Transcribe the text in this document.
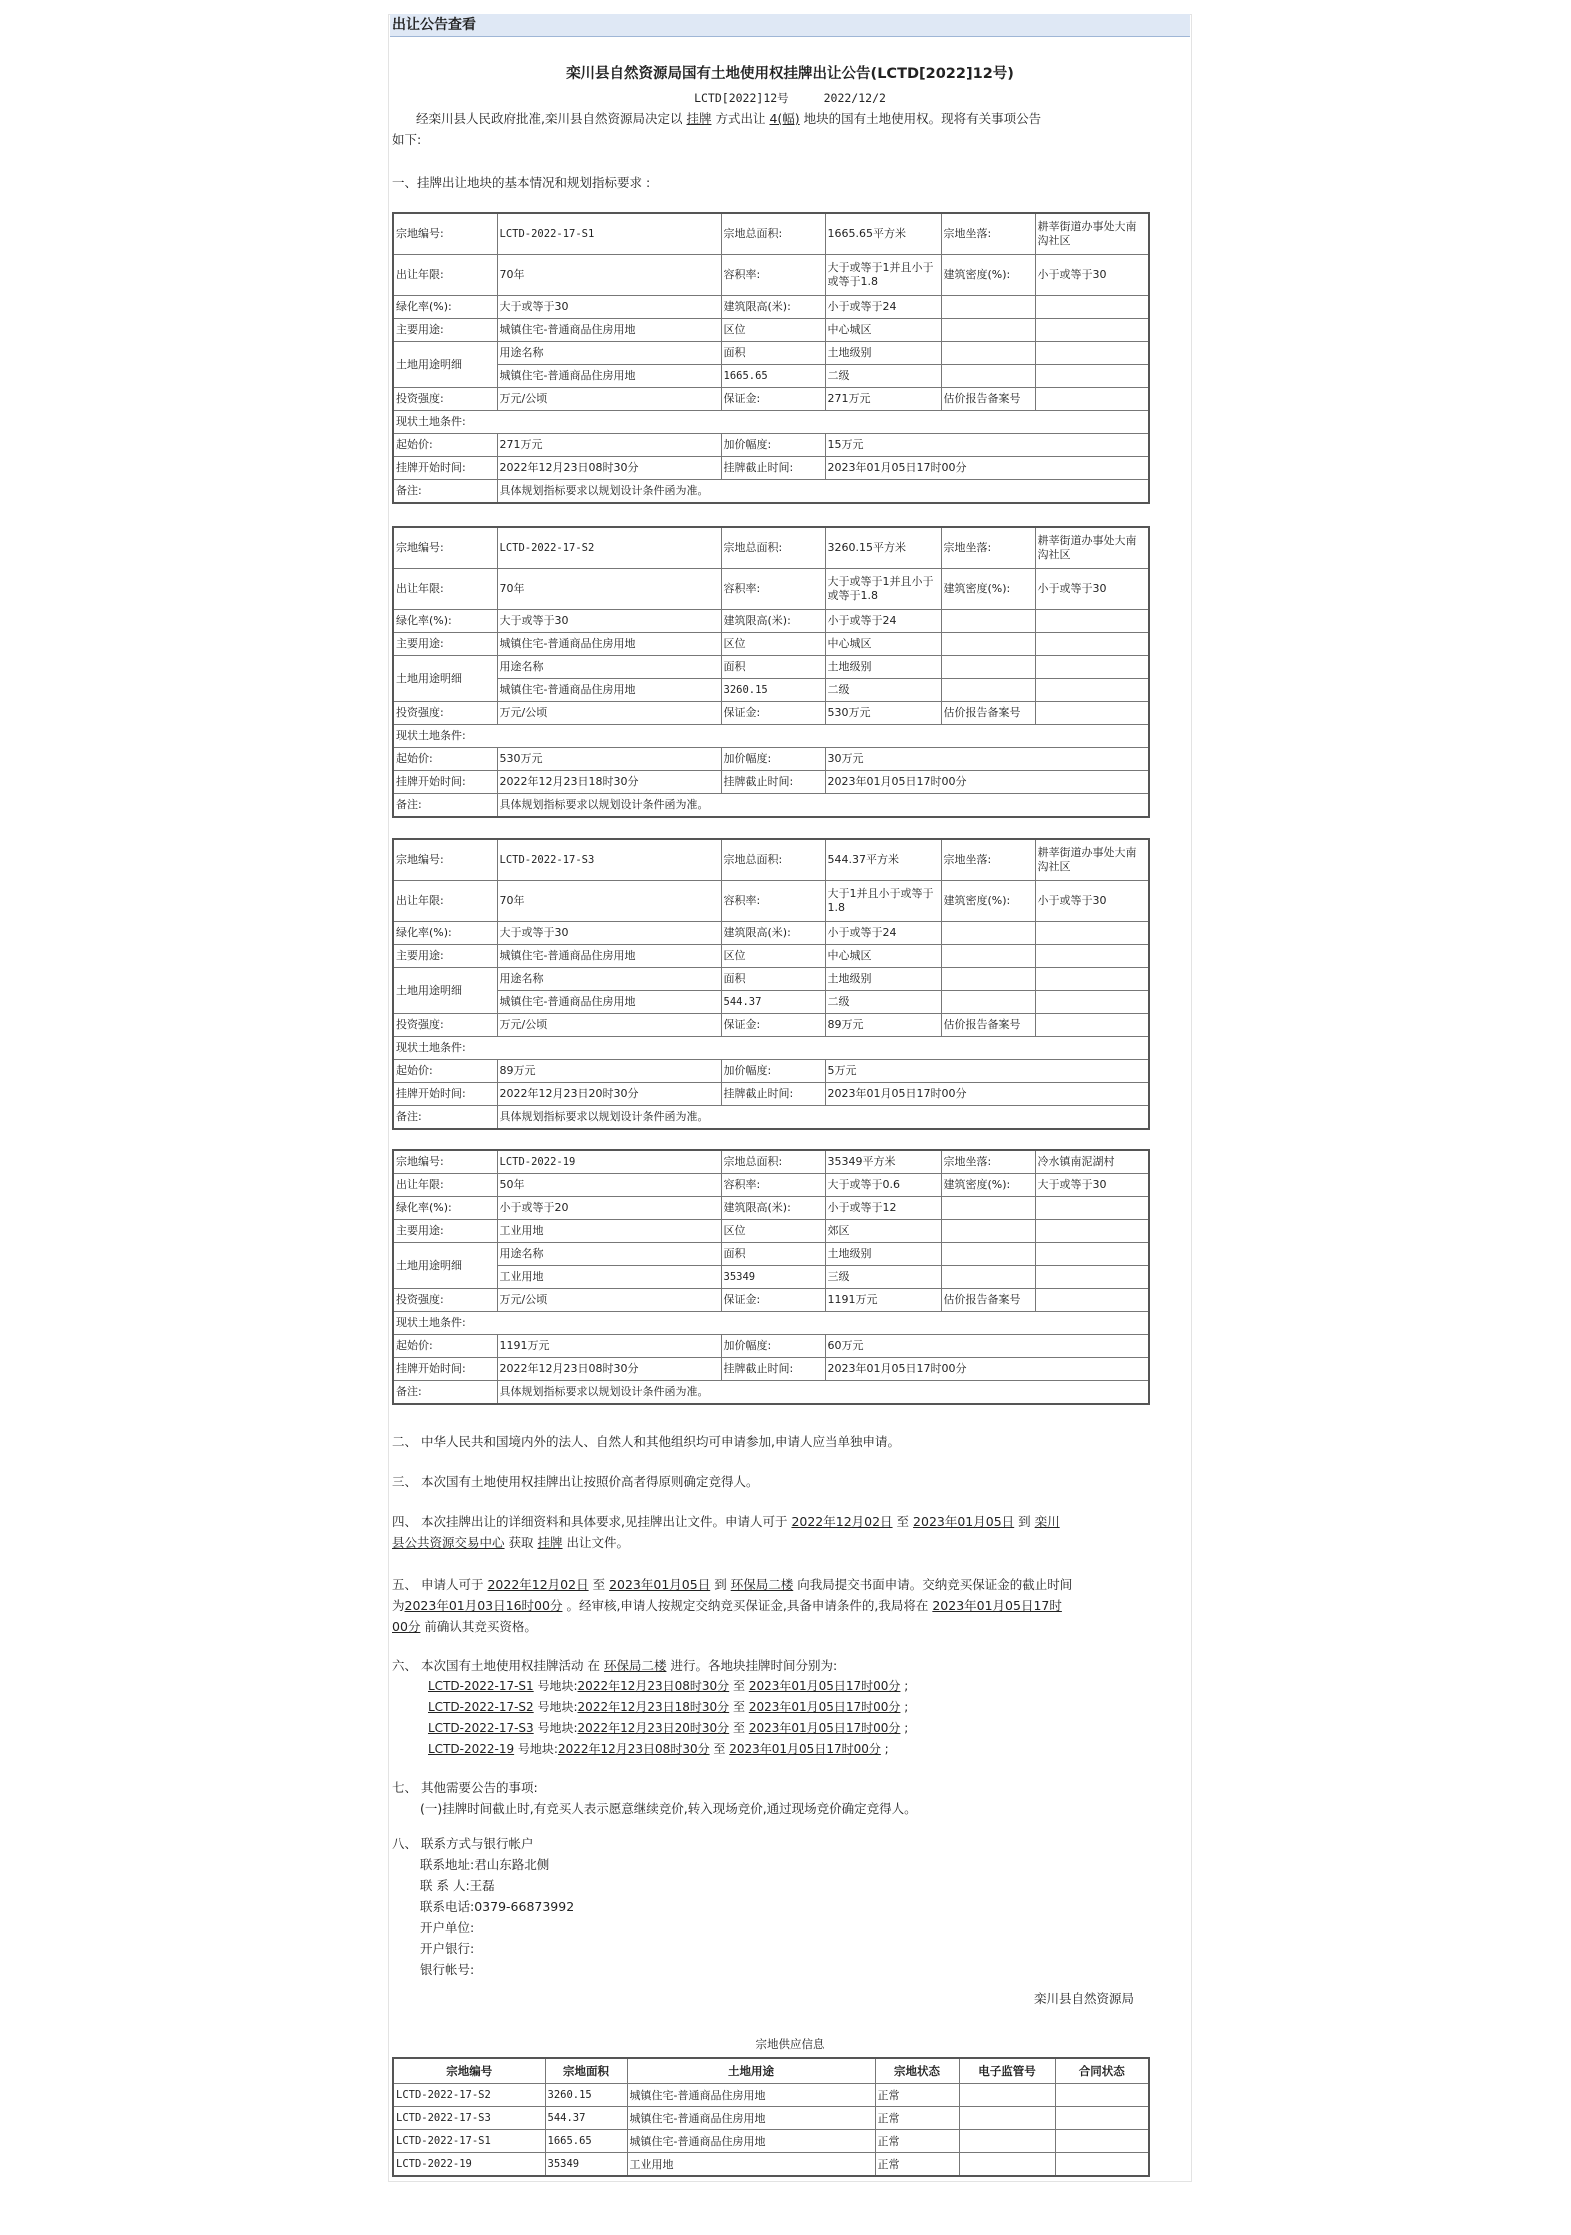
出让公告查看
栾川县自然资源局国有土地使用权挂牌出让公告(LCTD[2022]12号)
LCTD[2022]12号	2022/12/2
经栾川县人民政府批准,栾川县自然资源局决定以 挂牌 方式出让 4(幅) 地块的国有土地使用权。现将有关事项公告
如下:
一、挂牌出让地块的基本情况和规划指标要求 :
宗地编号:	LCTD-2022-17-S1	宗地总面积:	1665.65平方米	宗地坐落:	耕莘街道办事处大南沟社区
出让年限:	70年	容积率:	大于或等于1并且小于或等于1.8	建筑密度(%):	小于或等于30
绿化率(%):	大于或等于30	建筑限高(米):	小于或等于24		
主要用途:	城镇住宅-普通商品住房用地	区位	中心城区		
土地用途明细	用途名称	面积	土地级别		
	城镇住宅-普通商品住房用地	1665.65	二级		
投资强度:	万元/公顷	保证金:	271万元	估价报告备案号	
现状土地条件:					
起始价:	271万元	加价幅度:	15万元		
挂牌开始时间:	2022年12月23日08时30分	挂牌截止时间:	2023年01月05日17时00分		
备注:	具体规划指标要求以规划设计条件函为准。				
宗地编号:	LCTD-2022-17-S2	宗地总面积:	3260.15平方米	宗地坐落:	耕莘街道办事处大南沟社区
出让年限:	70年	容积率:	大于或等于1并且小于或等于1.8	建筑密度(%):	小于或等于30
绿化率(%):	大于或等于30	建筑限高(米):	小于或等于24		
主要用途:	城镇住宅-普通商品住房用地	区位	中心城区		
土地用途明细	用途名称	面积	土地级别		
	城镇住宅-普通商品住房用地	3260.15	二级		
投资强度:	万元/公顷	保证金:	530万元	估价报告备案号	
现状土地条件:					
起始价:	530万元	加价幅度:	30万元		
挂牌开始时间:	2022年12月23日18时30分	挂牌截止时间:	2023年01月05日17时00分		
备注:	具体规划指标要求以规划设计条件函为准。				
宗地编号:	LCTD-2022-17-S3	宗地总面积:	544.37平方米	宗地坐落:	耕莘街道办事处大南沟社区
出让年限:	70年	容积率:	大于1并且小于或等于1.8	建筑密度(%):	小于或等于30
绿化率(%):	大于或等于30	建筑限高(米):	小于或等于24		
主要用途:	城镇住宅-普通商品住房用地	区位	中心城区		
土地用途明细	用途名称	面积	土地级别		
	城镇住宅-普通商品住房用地	544.37	二级		
投资强度:	万元/公顷	保证金:	89万元	估价报告备案号	
现状土地条件:					
起始价:	89万元	加价幅度:	5万元		
挂牌开始时间:	2022年12月23日20时30分	挂牌截止时间:	2023年01月05日17时00分		
备注:	具体规划指标要求以规划设计条件函为准。				
宗地编号:	LCTD-2022-19	宗地总面积:	35349平方米	宗地坐落:	冷水镇南泥湖村
出让年限:	50年	容积率:	大于或等于0.6	建筑密度(%):	大于或等于30
绿化率(%):	小于或等于20	建筑限高(米):	小于或等于12		
主要用途:	工业用地	区位	郊区		
土地用途明细	用途名称	面积	土地级别		
	工业用地	35349	三级		
投资强度:	万元/公顷	保证金:	1191万元	估价报告备案号	
现状土地条件:					
起始价:	1191万元	加价幅度:	60万元		
挂牌开始时间:	2022年12月23日08时30分	挂牌截止时间:	2023年01月05日17时00分		
备注:	具体规划指标要求以规划设计条件函为准。				
二、 中华人民共和国境内外的法人、自然人和其他组织均可申请参加,申请人应当单独申请。
三、 本次国有土地使用权挂牌出让按照价高者得原则确定竞得人。
四、 本次挂牌出让的详细资料和具体要求,见挂牌出让文件。申请人可于 2022年12月02日 至 2023年01月05日 到 栾川
县公共资源交易中心 获取 挂牌 出让文件。
五、 申请人可于 2022年12月02日 至 2023年01月05日 到 环保局二楼 向我局提交书面申请。交纳竞买保证金的截止时间
为2023年01月03日16时00分 。经审核,申请人按规定交纳竞买保证金,具备申请条件的,我局将在 2023年01月05日17时
00分 前确认其竞买资格。
六、 本次国有土地使用权挂牌活动 在 环保局二楼 进行。各地块挂牌时间分别为:
LCTD-2022-17-S1 号地块:2022年12月23日08时30分 至 2023年01月05日17时00分 ;
LCTD-2022-17-S2 号地块:2022年12月23日18时30分 至 2023年01月05日17时00分 ;
LCTD-2022-17-S3 号地块:2022年12月23日20时30分 至 2023年01月05日17时00分 ;
LCTD-2022-19 号地块:2022年12月23日08时30分 至 2023年01月05日17时00分 ;
七、 其他需要公告的事项:
(一)挂牌时间截止时,有竞买人表示愿意继续竞价,转入现场竞价,通过现场竞价确定竞得人。
八、 联系方式与银行帐户
联系地址:君山东路北侧
联 系 人:王磊
联系电话:0379-66873992
开户单位:
开户银行:
银行帐号:
栾川县自然资源局
宗地供应信息
宗地编号	宗地面积	土地用途	宗地状态	电子监管号	合同状态
LCTD-2022-17-S2	3260.15	城镇住宅-普通商品住房用地	正常		
LCTD-2022-17-S3	544.37	城镇住宅-普通商品住房用地	正常		
LCTD-2022-17-S1	1665.65	城镇住宅-普通商品住房用地	正常		
LCTD-2022-19	35349	工业用地	正常		
